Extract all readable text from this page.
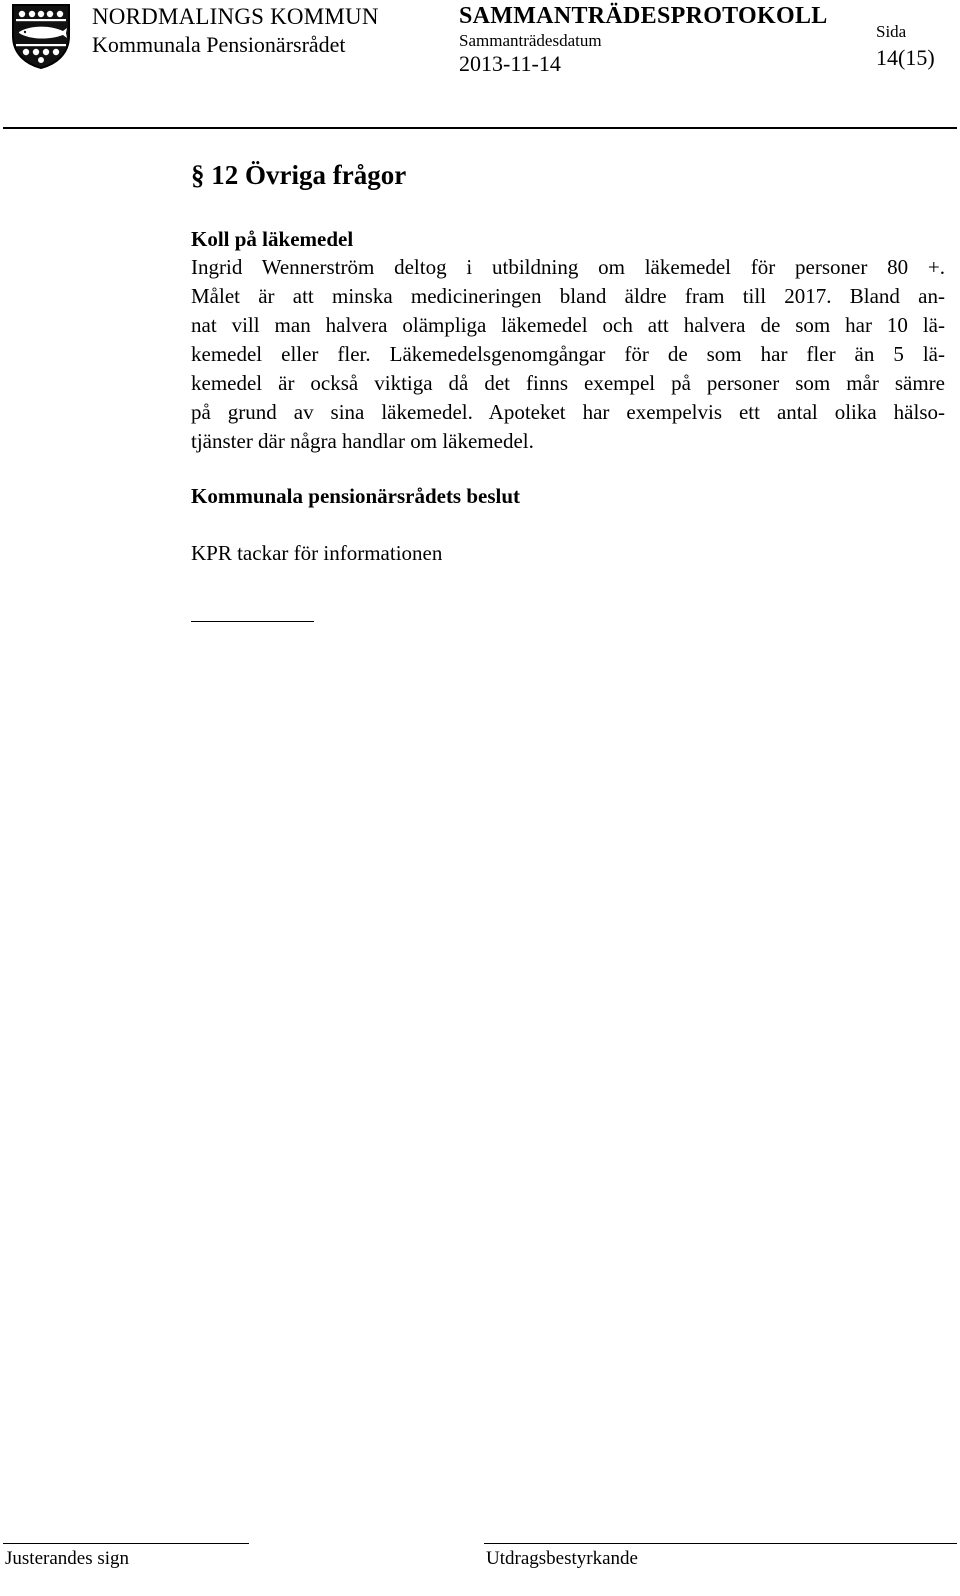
NORDMALINGS KOMMUN
Kommunala Pensionärsrådet
SAMMANTRÄDESPROTOKOLL
Sammanträdesdatum
2013-11-14
Sida
14(15)
§ 12 Övriga frågor
Koll på läkemedel
Ingrid Wennerström deltog i utbildning om läkemedel för personer 80 +.
Målet är att minska medicineringen bland äldre fram till 2017. Bland an-
nat vill man halvera olämpliga läkemedel och att halvera de som har 10 lä-
kemedel eller fler. Läkemedelsgenomgångar för de som har fler än 5 lä-
kemedel är också viktiga då det finns exempel på personer som mår sämre
på grund av sina läkemedel. Apoteket har exempelvis ett antal olika hälso-
tjänster där några handlar om läkemedel.
Kommunala pensionärsrådets beslut
KPR tackar för informationen
Justerandes sign	Utdragsbestyrkande
